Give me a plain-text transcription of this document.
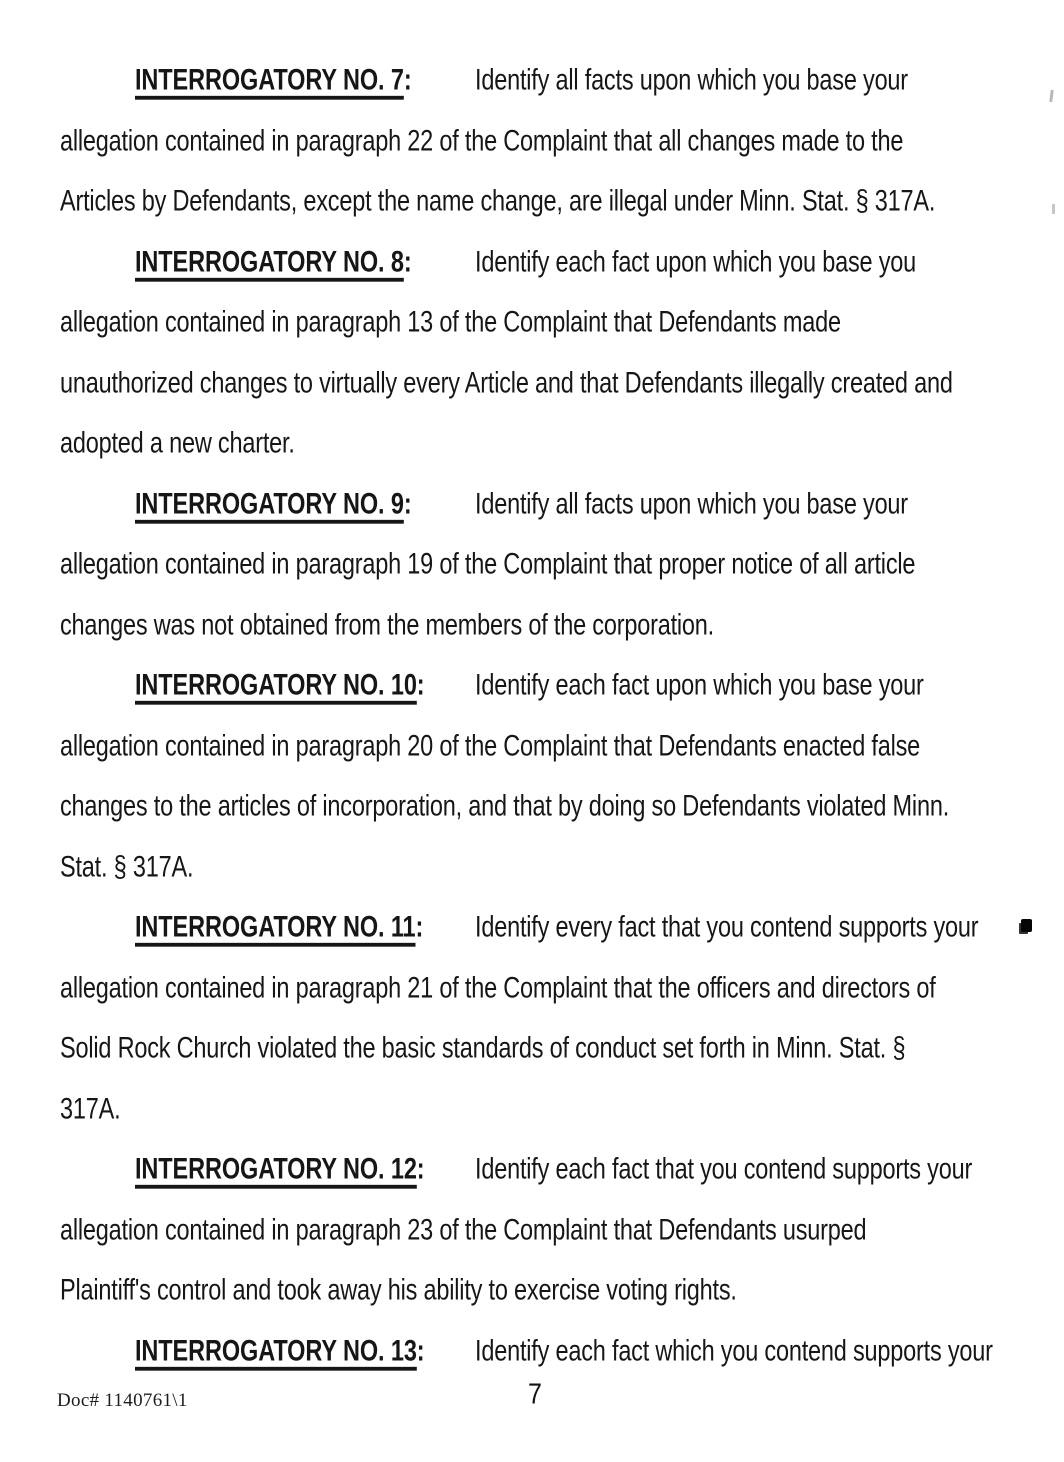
INTERROGATORY NO. 7:	Identify all facts upon which you base your
allegation contained in paragraph 22 of the Complaint that all changes made to the
Articles by Defendants, except the name change, are illegal under Minn. Stat. § 317A.
INTERROGATORY NO. 8:	Identify each fact upon which you base you
allegation contained in paragraph 13 of the Complaint that Defendants made
unauthorized changes to virtually every Article and that Defendants illegally created and
adopted a new charter.
INTERROGATORY NO. 9:	Identify all facts upon which you base your
allegation contained in paragraph 19 of the Complaint that proper notice of all article
changes was not obtained from the members of the corporation.
INTERROGATORY NO. 10: Identify each fact upon which you base your
allegation contained in paragraph 20 of the Complaint that Defendants enacted false
changes to the articles of incorporation, and that by doing so Defendants violated Minn.
Stat. § 317A.
INTERROGATORY NO. 11: Identify every fact that you contend supports your
allegation contained in paragraph 21 of the Complaint that the officers and directors of
Solid Rock Church violated the basic standards of conduct set forth in Minn. Stat. §
317A.
INTERROGATORY NO. 12: Identify each fact that you contend supports your
allegation contained in paragraph 23 of the Complaint that Defendants usurped
Plaintiff's control and took away his ability to exercise voting rights.
INTERROGATORY NO. 13: Identify each fact which you contend supports your
Doc# 1140761\1	7
